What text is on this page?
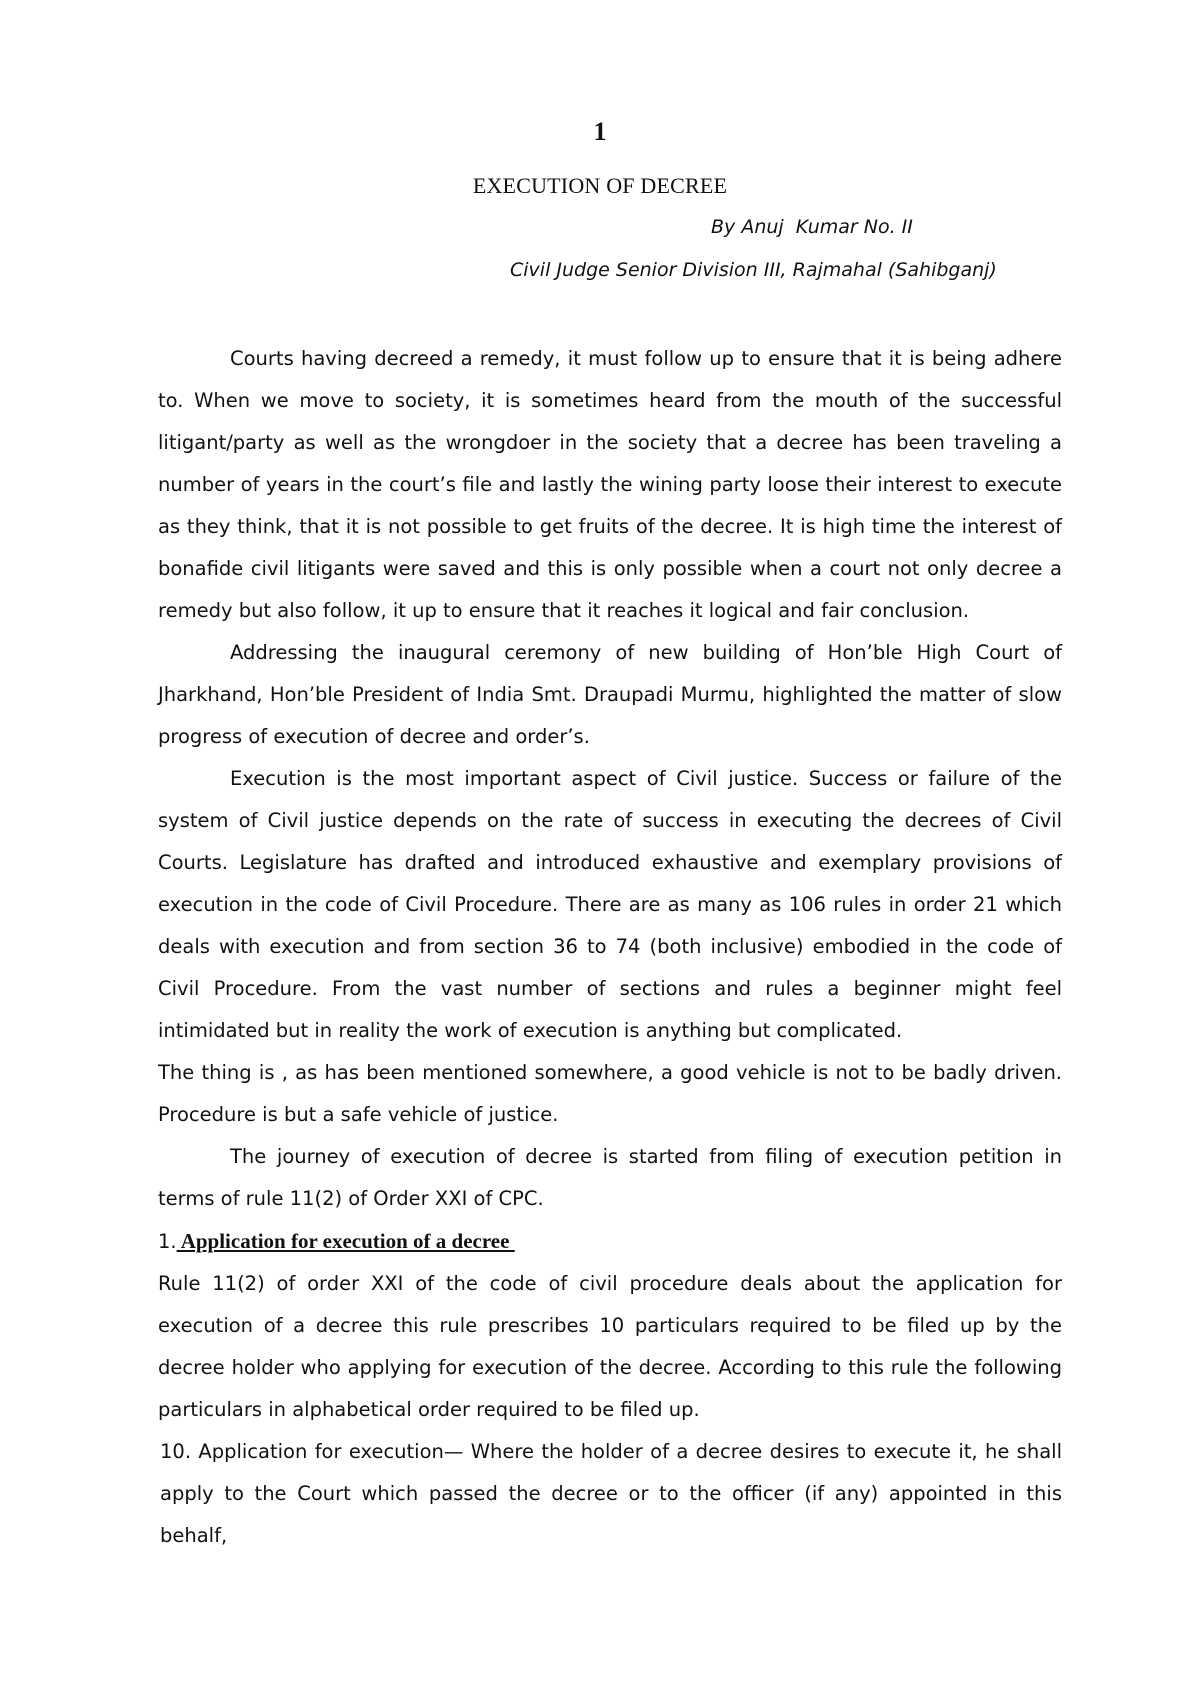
1
EXECUTION OF DECREE
By Anuj  Kumar No. II
Civil Judge Senior Division III, Rajmahal (Sahibganj)

Courts having decreed a remedy, it must follow up to ensure that it is being adhere to. When we move to society, it is sometimes heard from the mouth of the successful litigant/party as well as the wrongdoer in the society that a decree has been traveling a number of years in the court’s file and lastly the wining party loose their interest to execute as they think, that it is not possible to get fruits of the decree. It is high time the interest of bonafide civil litigants were saved and this is only possible when a court not only decree a remedy but also follow, it up to ensure that it reaches it logical and fair conclusion.

Addressing the inaugural ceremony of new building of Hon’ble High Court of Jharkhand, Hon’ble President of India Smt. Draupadi Murmu, highlighted the matter of slow progress of execution of decree and order’s.

Execution is the most important aspect of Civil justice. Success or failure of the system of Civil justice depends on the rate of success in executing the decrees of Civil Courts. Legislature has drafted and introduced exhaustive and exemplary provisions of execution in the code of Civil Procedure. There are as many as 106 rules in order 21 which deals with execution and from section 36 to 74 (both inclusive) embodied in the code of Civil Procedure. From the vast number of sections and rules a beginner might feel intimidated but in reality the work of execution is anything but complicated.

The thing is , as has been mentioned somewhere, a good vehicle is not to be badly driven. Procedure is but a safe vehicle of justice.

The journey of execution of decree is started from filing of execution petition in terms of rule 11(2) of Order XXI of CPC.

1. Application for execution of a decree

Rule 11(2) of order XXI of the code of civil procedure deals about the application for execution of a decree this rule prescribes 10 particulars required to be filed up by the decree holder who applying for execution of the decree. According to this rule the following particulars in alphabetical order required to be filed up.

10. Application for execution— Where the holder of a decree desires to execute it, he shall apply to the Court which passed the decree or to the officer (if any) appointed in this behalf,
